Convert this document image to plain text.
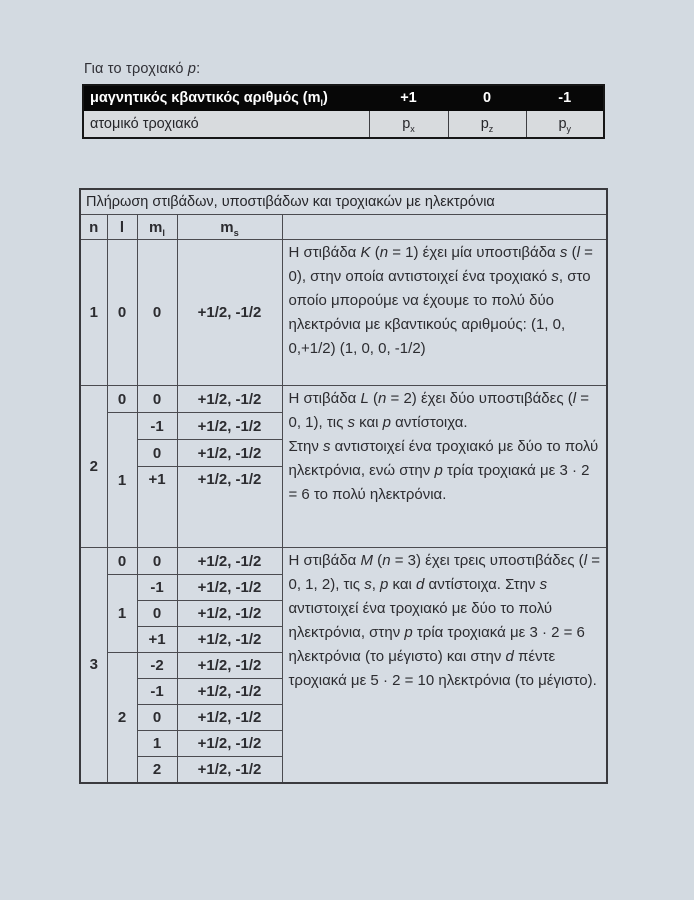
Για το τροχιακό p:
μαγνητικός κβαντικός αριθμός $(m_l)$	+1	0	-1
ατομικό τροχιακό	$p_x$	$p_z$	$p_y$
Πλήρωση στιβάδων, υποστιβάδων και τροχιακών με ηλεκτρόνια				
n	l	$m_l$	$m_s$	
1	0	0	+1/2, -1/2	Η στιβάδα K (n = 1) έχει μία υποστιβάδα s (l = 0), στην οποία αντιστοιχεί ένα τροχιακό s, στο οποίο μπορούμε να έχουμε το πολύ δύο ηλεκτρόνια με κβαντικούς αριθμούς: (1, 0, 0,+1/2) (1, 0, 0, -1/2)
2	0	0	+1/2, -1/2	Η στιβάδα L (n = 2) έχει δύο υποστιβάδες (l = 0, 1), τις s και p αντίστοιχα.
Στην s αντιστοιχεί ένα τροχιακό με δύο το πολύ ηλεκτρόνια, ενώ στην p τρία τροχιακά με 3 · 2 = 6 το πολύ ηλεκτρόνια.
	1	-1	+1/2, -1/2	
		0	+1/2, -1/2	
		+1	+1/2, -1/2	
3	0	0	+1/2, -1/2	Η στιβάδα M (n = 3) έχει τρεις υποστιβάδες (l = 0, 1, 2), τις s, p και d αντίστοιχα. Στην s αντιστοιχεί ένα τροχιακό με δύο το πολύ ηλεκτρόνια, στην p τρία τροχιακά με 3 · 2 = 6 ηλεκτρόνια (το μέγιστο) και στην d πέντε τροχιακά με 5 · 2 = 10 ηλεκτρόνια (το μέγιστο).
	1	-1	+1/2, -1/2	
		0	+1/2, -1/2	
		+1	+1/2, -1/2	
	2	-2	+1/2, -1/2	
		-1	+1/2, -1/2	
		0	+1/2, -1/2	
		1	+1/2, -1/2	
		2	+1/2, -1/2	
